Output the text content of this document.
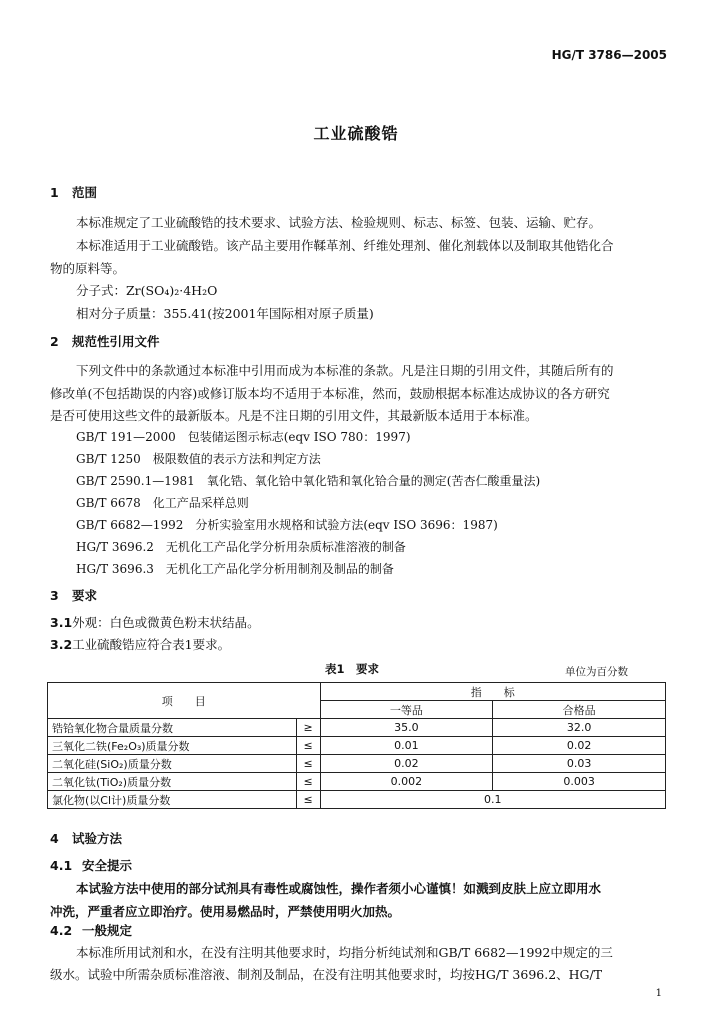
HG/T 3786—2005
工业硫酸锆
1 范围
本标准规定了工业硫酸锆的技术要求、试验方法、检验规则、标志、标签、包装、运输、贮存。
本标准适用于工业硫酸锆。该产品主要用作鞣革剂、纤维处理剂、催化剂载体以及制取其他锆化合
物的原料等。
分子式：Zr(SO₄)₂·4H₂O
相对分子质量：355.41(按2001年国际相对原子质量)
2 规范性引用文件
下列文件中的条款通过本标准中引用而成为本标准的条款。凡是注日期的引用文件，其随后所有的
修改单(不包括勘误的内容)或修订版本均不适用于本标准，然而，鼓励根据本标准达成协议的各方研究
是否可使用这些文件的最新版本。凡是不注日期的引用文件，其最新版本适用于本标准。
GB/T 191—2000　包装储运图示标志(eqv ISO 780：1997)
GB/T 1250　极限数值的表示方法和判定方法
GB/T 2590.1—1981　氧化锆、氧化铪中氧化锆和氧化铪合量的测定(苦杏仁酸重量法)
GB/T 6678　化工产品采样总则
GB/T 6682—1992　分析实验室用水规格和试验方法(eqv ISO 3696：1987)
HG/T 3696.2　无机化工产品化学分析用杂质标准溶液的制备
HG/T 3696.3　无机化工产品化学分析用制剂及制品的制备
3 要求
3.1外观：白色或微黄色粉末状结晶。
3.2工业硫酸锆应符合表1要求。
表1　要求	单位为百分数
项　　目		指　　标	
		一等品	合格品
锆铪氧化物合量质量分数	≥	35.0	32.0
三氧化二铁(Fe₂O₃)质量分数	≤	0.01	0.02
二氧化硅(SiO₂)质量分数	≤	0.02	0.03
二氧化钛(TiO₂)质量分数	≤	0.002	0.003
氯化物(以Cl计)质量分数	≤	0.1	
4 试验方法
4.1 安全提示
本试验方法中使用的部分试剂具有毒性或腐蚀性，操作者须小心谨慎！如溅到皮肤上应立即用水
冲洗，严重者应立即治疗。使用易燃品时，严禁使用明火加热。
4.2 一般规定
本标准所用试剂和水，在没有注明其他要求时，均指分析纯试剂和GB/T 6682—1992中规定的三
级水。试验中所需杂质标准溶液、制剂及制品，在没有注明其他要求时，均按HG/T 3696.2、HG/T
1
